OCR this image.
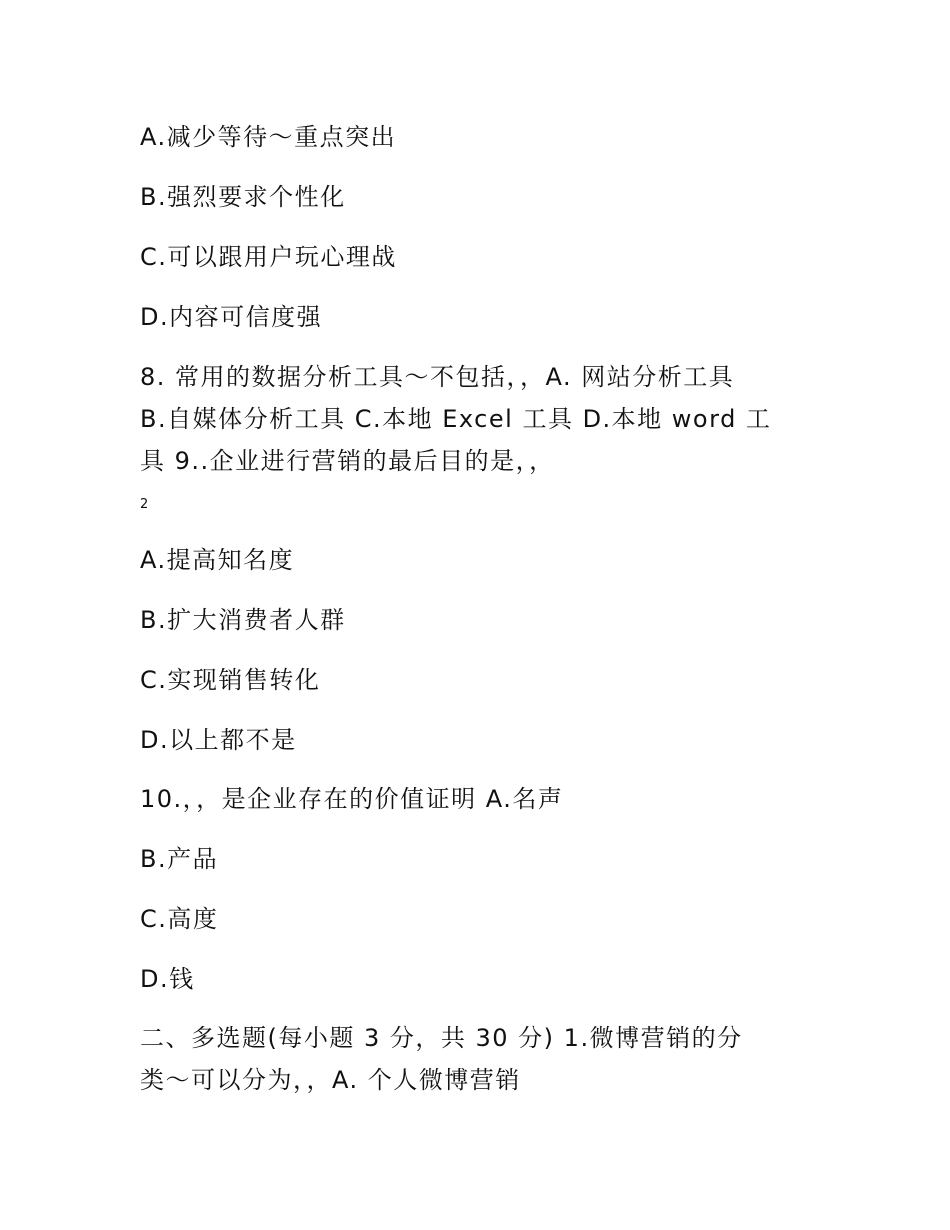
A.减少等待～重点突出
B.强烈要求个性化
C.可以跟用户玩心理战
D.内容可信度强
8. 常用的数据分析工具～不包括，，A. 网站分析工具
B.自媒体分析工具 C.本地 Excel 工具 D.本地 word 工
具 9..企业进行营销的最后目的是，，
2
A.提高知名度
B.扩大消费者人群
C.实现销售转化
D.以上都不是
10.，，是企业存在的价值证明 A.名声
B.产品
C.高度
D.钱
二、多选题(每小题 3 分，共 30 分) 1.微博营销的分
类～可以分为，，A. 个人微博营销
